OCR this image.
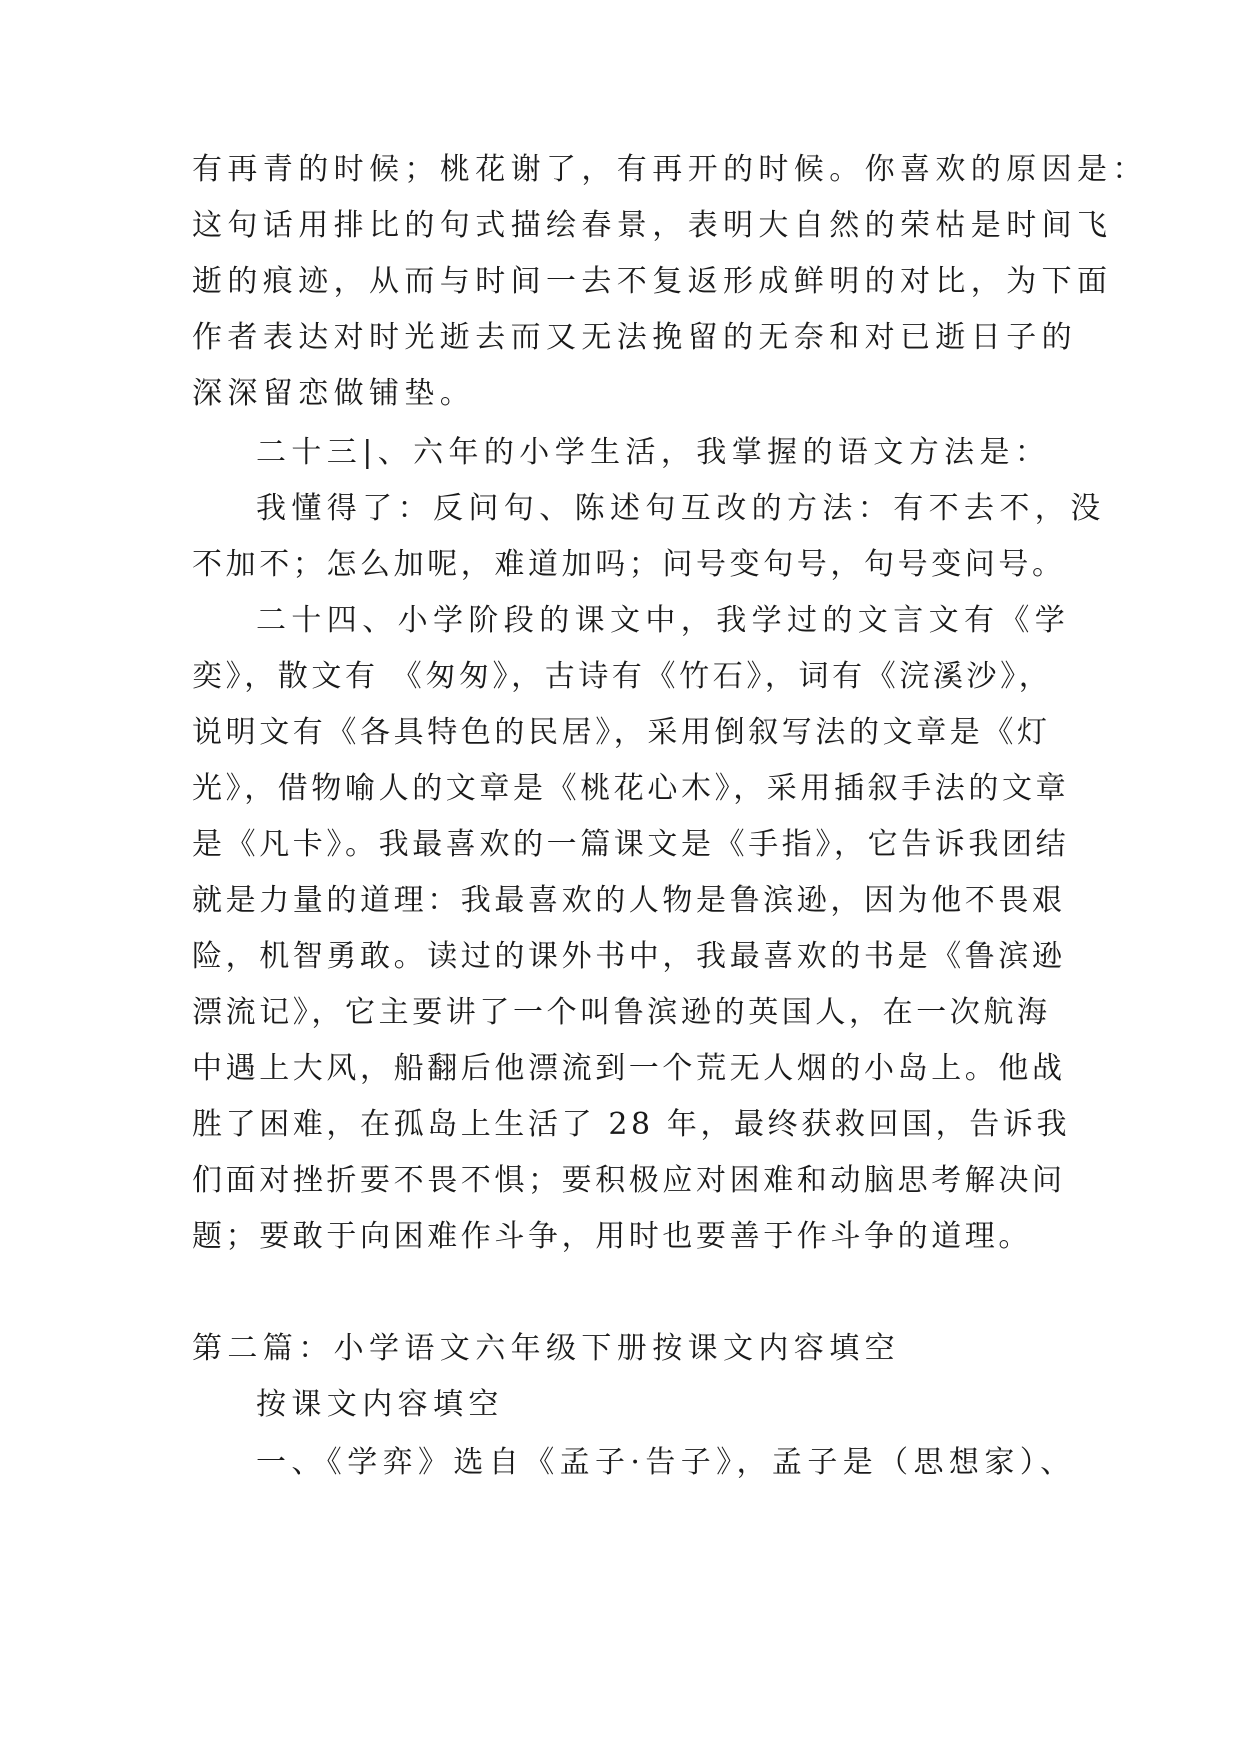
有再青的时候；桃花谢了，有再开的时候。你喜欢的原因是：
这句话用排比的句式描绘春景，表明大自然的荣枯是时间飞
逝的痕迹，从而与时间一去不复返形成鲜明的对比，为下面
作者表达对时光逝去而又无法挽留的无奈和对已逝日子的
深深留恋做铺垫。
二十三|、六年的小学生活，我掌握的语文方法是：
我懂得了：反问句、陈述句互改的方法：有不去不，没
不加不；怎么加呢，难道加吗；问号变句号，句号变问号。
二十四、小学阶段的课文中，我学过的文言文有《学
奕》，散文有 《匆匆》，古诗有《竹石》，词有《浣溪沙》，
说明文有《各具特色的民居》，采用倒叙写法的文章是《灯
光》，借物喻人的文章是《桃花心木》，采用插叙手法的文章
是《凡卡》。我最喜欢的一篇课文是《手指》，它告诉我团结
就是力量的道理：我最喜欢的人物是鲁滨逊，因为他不畏艰
险，机智勇敢。读过的课外书中，我最喜欢的书是《鲁滨逊
漂流记》，它主要讲了一个叫鲁滨逊的英国人，在一次航海
中遇上大风，船翻后他漂流到一个荒无人烟的小岛上。他战
胜了困难，在孤岛上生活了 28 年，最终获救回国，告诉我
们面对挫折要不畏不惧；要积极应对困难和动脑思考解决问
题；要敢于向困难作斗争，用时也要善于作斗争的道理。
第二篇：小学语文六年级下册按课文内容填空
按课文内容填空
一、《学弈》选自《孟子·告子》，孟子是（思想家）、
